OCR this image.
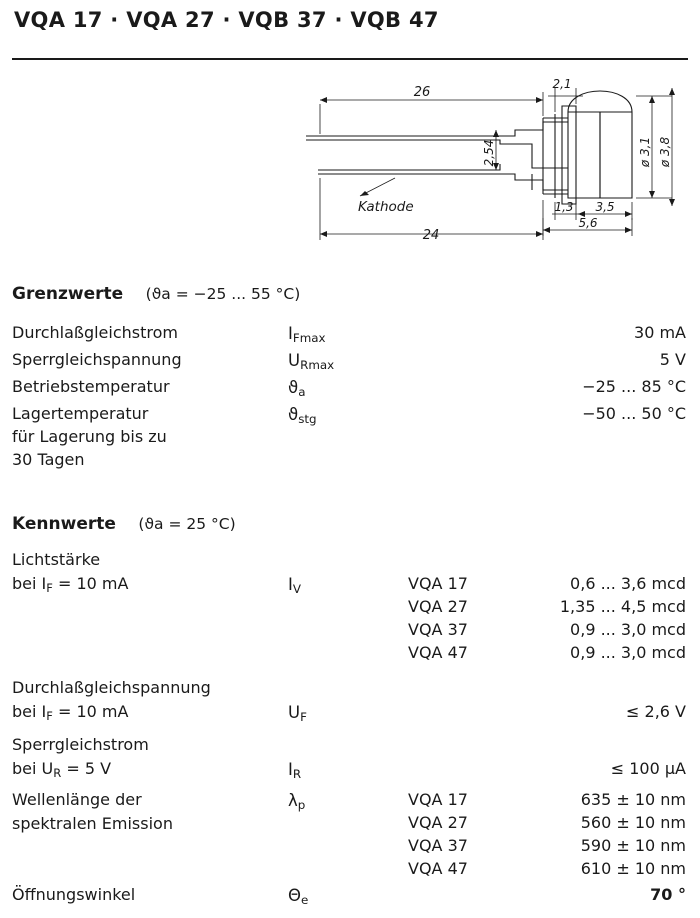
VQA 17 · VQA 27 · VQB 37 · VQB 47
26
2,1
24
2,54
1,3 3,5
5,6
ø 3,1 ø 3,8
Kathode
Grenzwerte (ϑa = −25 ... 55 °C)
Durchlaßgleichstrom	$I_{Fmax}$	30 mA
Sperrgleichspannung	$U_{Rmax}$	5 V
Betriebstemperatur	$ϑ_a$	−25 ... 85 °C
Lagertemperatur	$ϑ_{stg}$	−50 ... 50 °C
für Lagerung bis zu
30 Tagen
Kennwerte (ϑa = 25 °C)
Lichtstärke
bei $I_F = 10$ mA	$I_V$	VQA 17	0,6 ... 3,6 mcd
VQA 27	1,35 ... 4,5 mcd
VQA 37	0,9 ... 3,0 mcd
VQA 47	0,9 ... 3,0 mcd
Durchlaßgleichspannung
bei $I_F = 10$ mA	$U_F$	≤ 2,6 V
Sperrgleichstrom
bei $U_R = 5$ V	$I_R$	≤ 100 µA
Wellenlänge der
spektralen Emission
$\lambda_p$	VQA 17	635 ± 10 nm
VQA 27	560 ± 10 nm
VQA 37	590 ± 10 nm
VQA 47	610 ± 10 nm
Öffnungswinkel	$\Theta_e$	70 °
